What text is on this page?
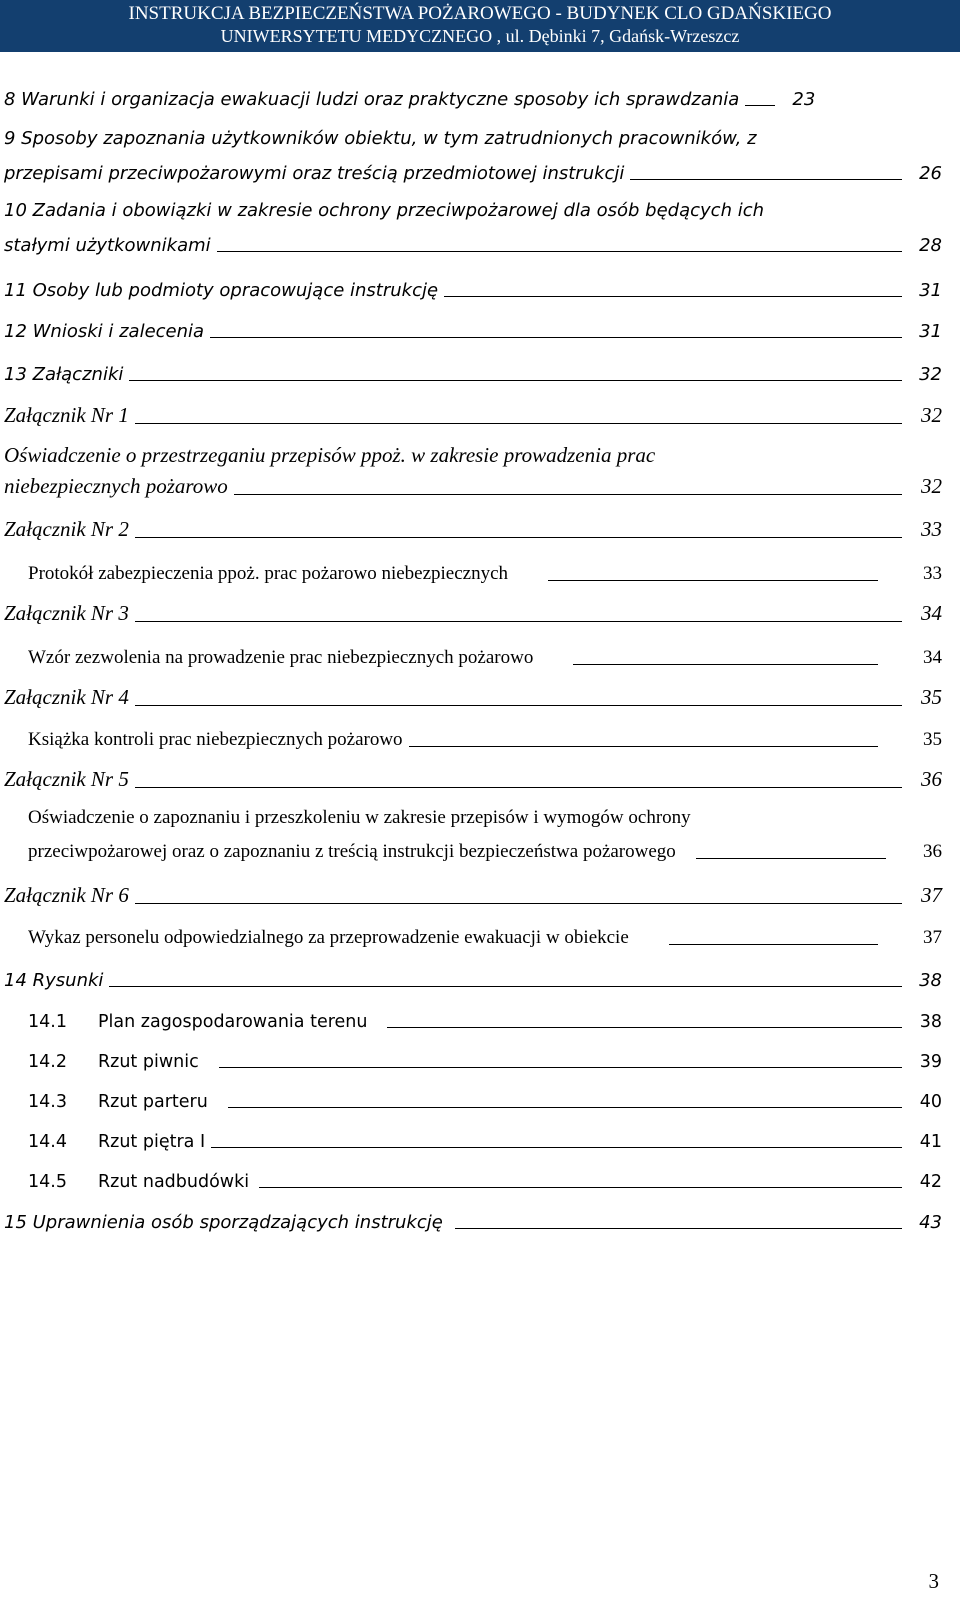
INSTRUKCJA BEZPIECZEŃSTWA POŻAROWEGO - BUDYNEK CLO GDAŃSKIEGO
UNIWERSYTETU MEDYCZNEGO , ul. Dębinki 7, Gdańsk-Wrzeszcz
8 Warunki i organizacja ewakuacji ludzi oraz praktyczne sposoby ich sprawdzania	23
9 Sposoby zapoznania użytkowników obiektu, w tym zatrudnionych pracowników, z
przepisami przeciwpożarowymi oraz treścią przedmiotowej instrukcji	26
10 Zadania i obowiązki w zakresie ochrony przeciwpożarowej dla osób będących ich
stałymi użytkownikami	28
11 Osoby lub podmioty opracowujące instrukcję	31
12 Wnioski i zalecenia	31
13 Załączniki	32
Załącznik Nr 1	32
Oświadczenie o przestrzeganiu przepisów ppoż. w zakresie prowadzenia prac
niebezpiecznych pożarowo	32
Załącznik Nr 2	33
Protokół zabezpieczenia ppoż. prac pożarowo niebezpiecznych	33
Załącznik Nr 3	34
Wzór zezwolenia na prowadzenie prac niebezpiecznych pożarowo	34
Załącznik Nr 4	35
Książka kontroli prac niebezpiecznych pożarowo	35
Załącznik Nr 5	36
Oświadczenie o zapoznaniu i przeszkoleniu w zakresie przepisów i wymogów ochrony
przeciwpożarowej oraz o zapoznaniu z treścią instrukcji bezpieczeństwa pożarowego	36
Załącznik Nr 6	37
Wykaz personelu odpowiedzialnego za przeprowadzenie ewakuacji w obiekcie	37
14 Rysunki	38
14.1 Plan zagospodarowania terenu	38
14.2 Rzut piwnic	39
14.3 Rzut parteru	40
14.4 Rzut piętra I	41
14.5 Rzut nadbudówki	42
15 Uprawnienia osób sporządzających instrukcję	43
3
